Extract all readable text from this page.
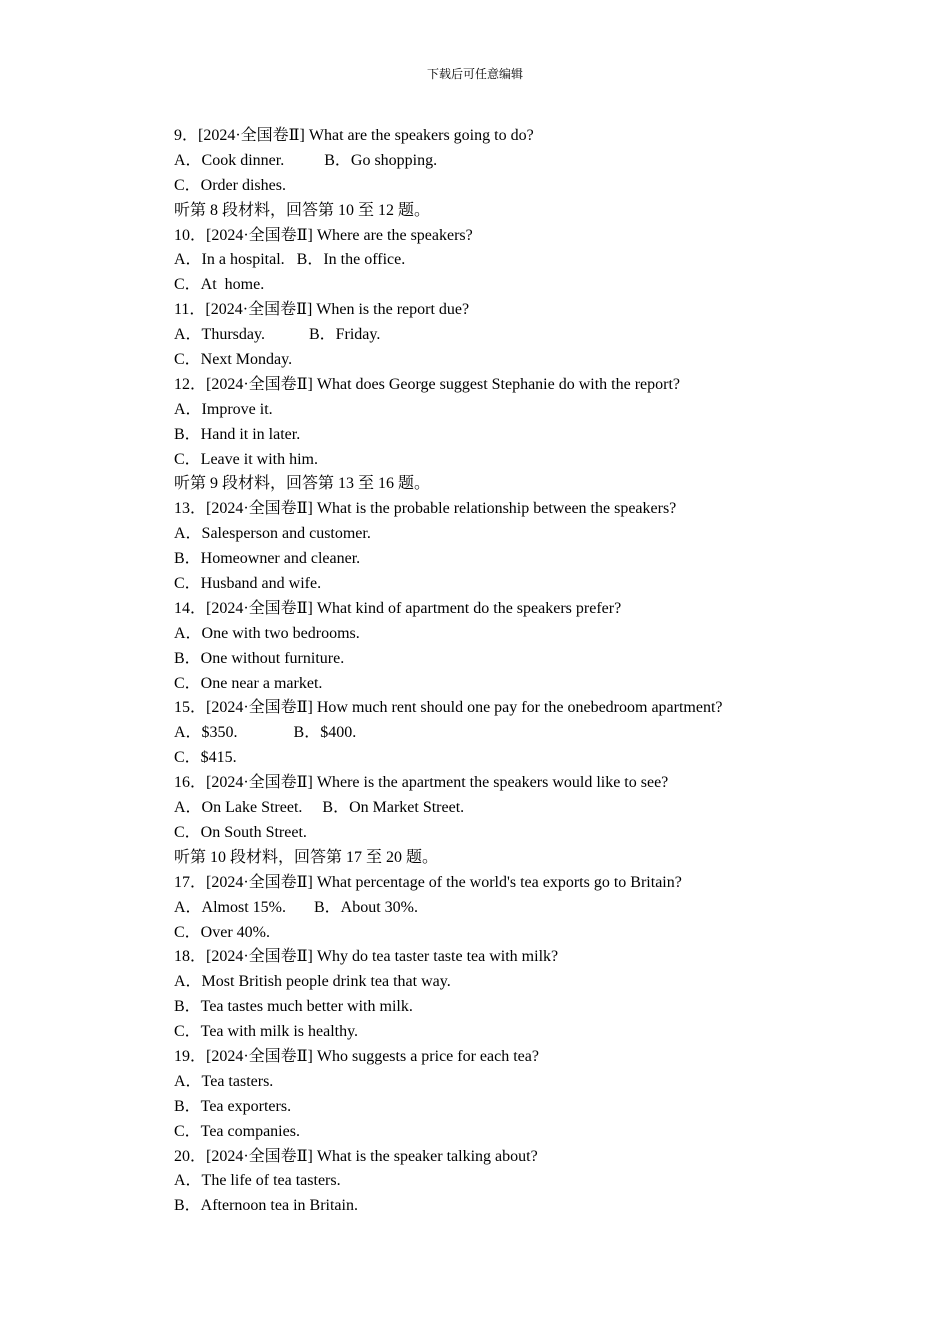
下载后可任意编辑
9．[2024·全国卷Ⅱ] What are the speakers going to do?
A．Cook dinner.          B．Go shopping.
C．Order dishes.
听第 8 段材料，回答第 10 至 12 题。
10．[2024·全国卷Ⅱ] Where are the speakers?
A．In a hospital.   B．In the office.
C．At  home.
11．[2024·全国卷Ⅱ] When is the report due?
A．Thursday.           B．Friday.
C．Next Monday.
12．[2024·全国卷Ⅱ] What does George suggest Stephanie do with the report?
A．Improve it.
B．Hand it in later.
C．Leave it with him.
听第 9 段材料，回答第 13 至 16 题。
13．[2024·全国卷Ⅱ] What is the probable relationship between the speakers?
A．Salesperson and customer.
B．Homeowner and cleaner.
C．Husband and wife.
14．[2024·全国卷Ⅱ] What kind of apartment do the speakers prefer?
A．One with two bedrooms.
B．One without furniture.
C．One near a market.
15．[2024·全国卷Ⅱ] How much rent should one pay for the onebedroom apartment?
A．$350.              B．$400.
C．$415.
16．[2024·全国卷Ⅱ] Where is the apartment the speakers would like to see?
A．On Lake Street.     B．On Market Street.
C．On South Street.
听第 10 段材料，回答第 17 至 20 题。
17．[2024·全国卷Ⅱ] What percentage of the world's tea exports go to Britain?
A．Almost 15%.       B．About 30%.
C．Over 40%.
18．[2024·全国卷Ⅱ] Why do tea taster taste tea with milk?
A．Most British people drink tea that way.
B．Tea tastes much better with milk.
C．Tea with milk is healthy.
19．[2024·全国卷Ⅱ] Who suggests a price for each tea?
A．Tea tasters.
B．Tea exporters.
C．Tea companies.
20．[2024·全国卷Ⅱ] What is the speaker talking about?
A．The life of tea tasters.
B．Afternoon tea in Britain.
